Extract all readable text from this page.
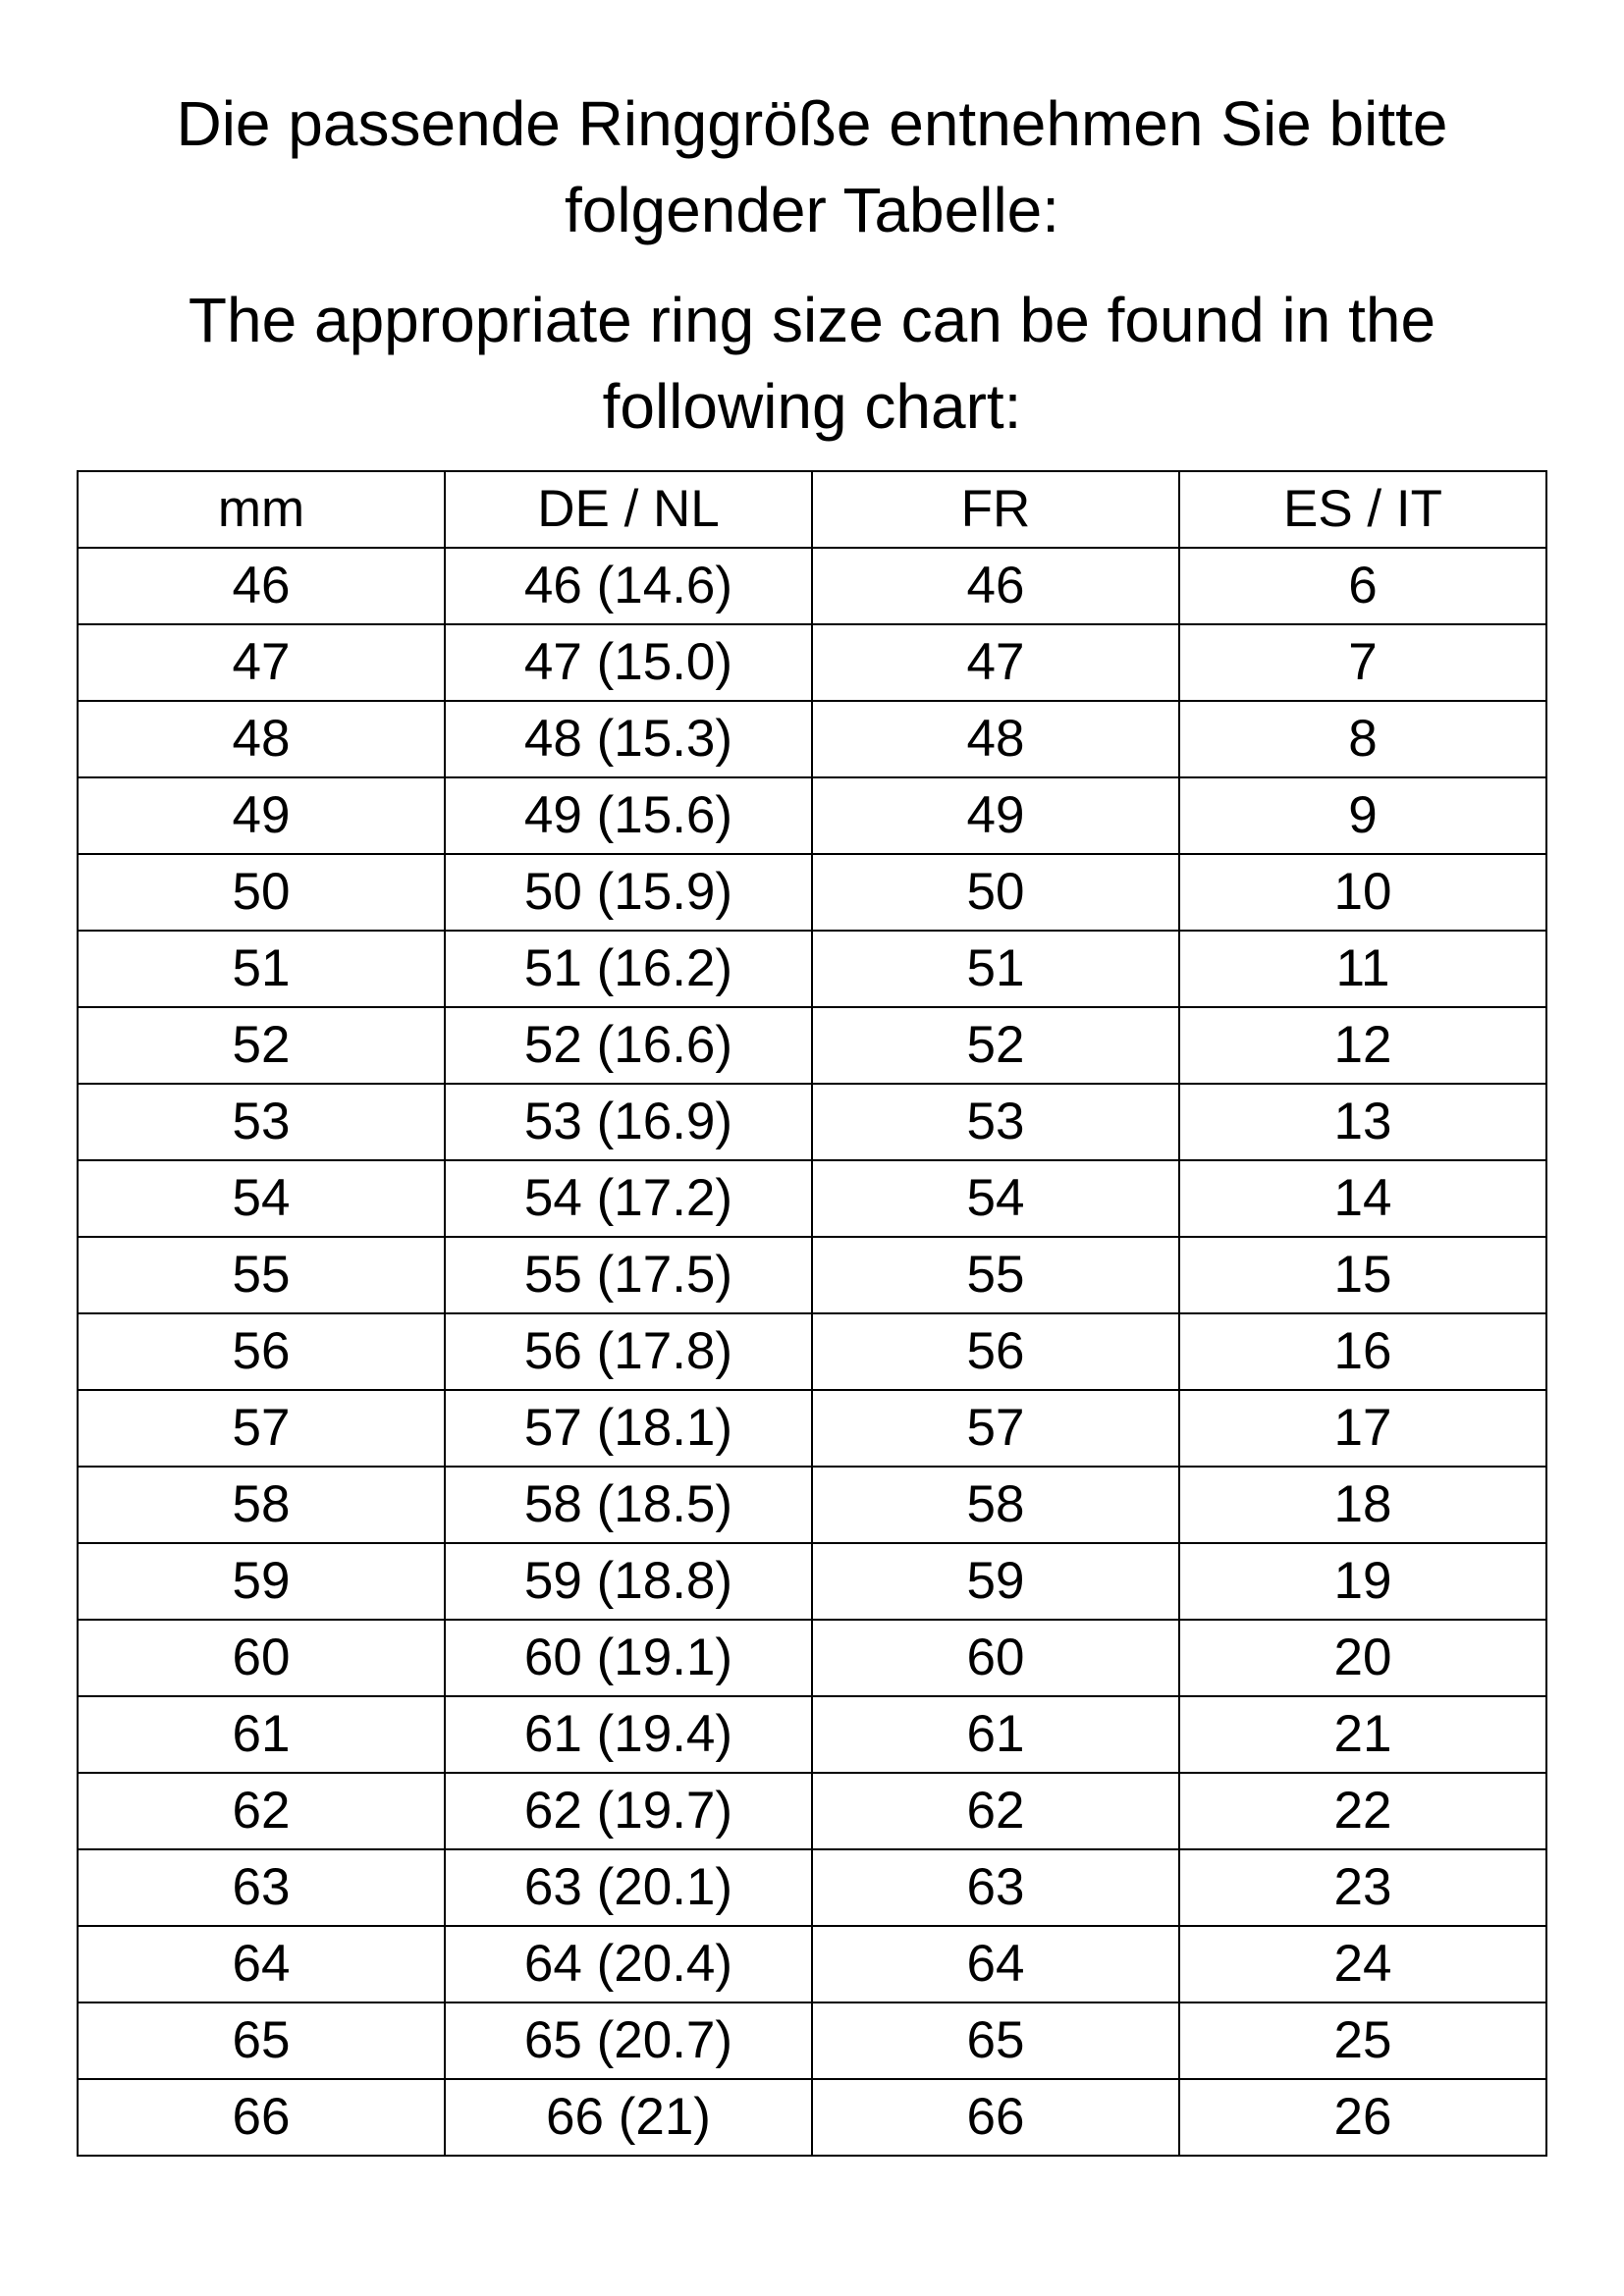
Die passende Ringgröße entnehmen Sie bitte
folgender Tabelle:
The appropriate ring size can be found in the
following chart:
mm	DE / NL	FR	ES / IT
46	46 (14.6)	46	6
47	47 (15.0)	47	7
48	48 (15.3)	48	8
49	49 (15.6)	49	9
50	50 (15.9)	50	10
51	51 (16.2)	51	11
52	52 (16.6)	52	12
53	53 (16.9)	53	13
54	54 (17.2)	54	14
55	55 (17.5)	55	15
56	56 (17.8)	56	16
57	57 (18.1)	57	17
58	58 (18.5)	58	18
59	59 (18.8)	59	19
60	60 (19.1)	60	20
61	61 (19.4)	61	21
62	62 (19.7)	62	22
63	63 (20.1)	63	23
64	64 (20.4)	64	24
65	65 (20.7)	65	25
66	66 (21)	66	26
